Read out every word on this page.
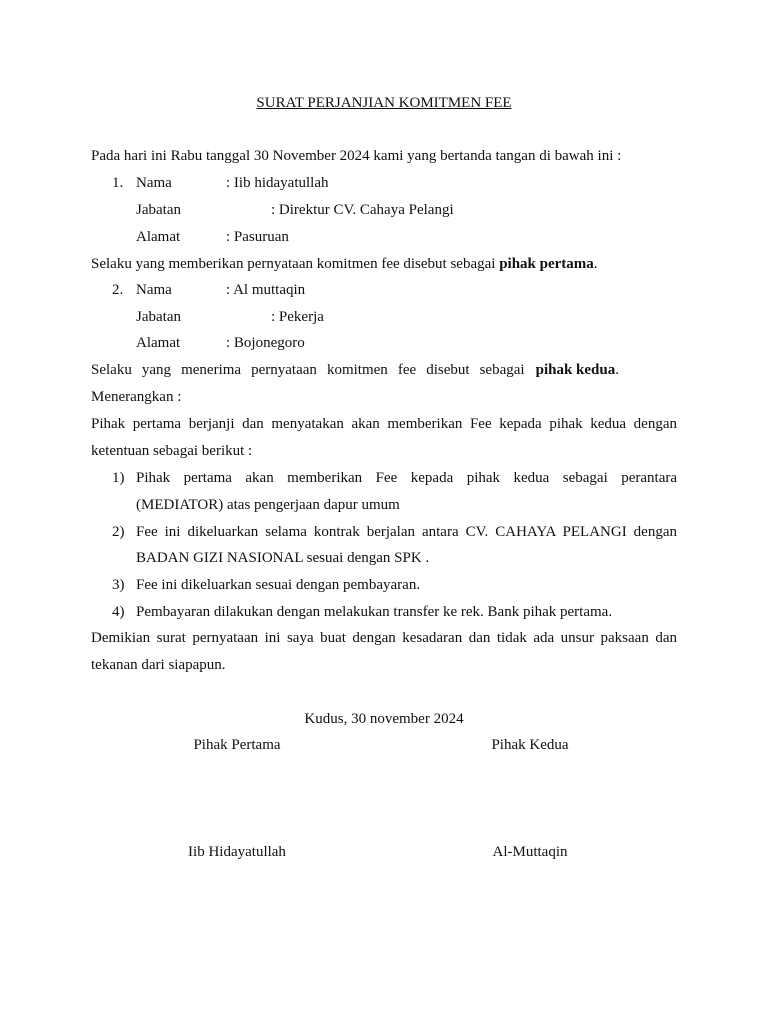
SURAT PERJANJIAN KOMITMEN FEE
Pada hari ini Rabu tanggal 30 November 2024 kami yang bertanda tangan di bawah ini :
1. Nama	: Iib hidayatullah
Jabatan	: Direktur CV. Cahaya Pelangi
Alamat	: Pasuruan
Selaku yang memberikan pernyataan komitmen fee disebut sebagai pihak pertama.
2. Nama	: Al muttaqin
Jabatan	: Pekerja
Alamat	: Bojonegoro
Selaku yang menerima pernyataan komitmen fee disebut sebagai pihak kedua.
Menerangkan :
Pihak pertama berjanji dan menyatakan akan memberikan Fee kepada pihak kedua dengan
ketentuan sebagai berikut :
1) Pihak pertama akan memberikan Fee kepada pihak kedua sebagai perantara
(MEDIATOR) atas pengerjaan dapur umum
2) Fee ini dikeluarkan selama kontrak berjalan antara CV. CAHAYA PELANGI dengan
BADAN GIZI NASIONAL sesuai dengan SPK .
3) Fee ini dikeluarkan sesuai dengan pembayaran.
4) Pembayaran dilakukan dengan melakukan transfer ke rek. Bank pihak pertama.
Demikian surat pernyataan ini saya buat dengan kesadaran dan tidak ada unsur paksaan dan
tekanan dari siapapun.
Kudus, 30 november 2024
Pihak Pertama	Pihak Kedua
Iib Hidayatullah	Al-Muttaqin
